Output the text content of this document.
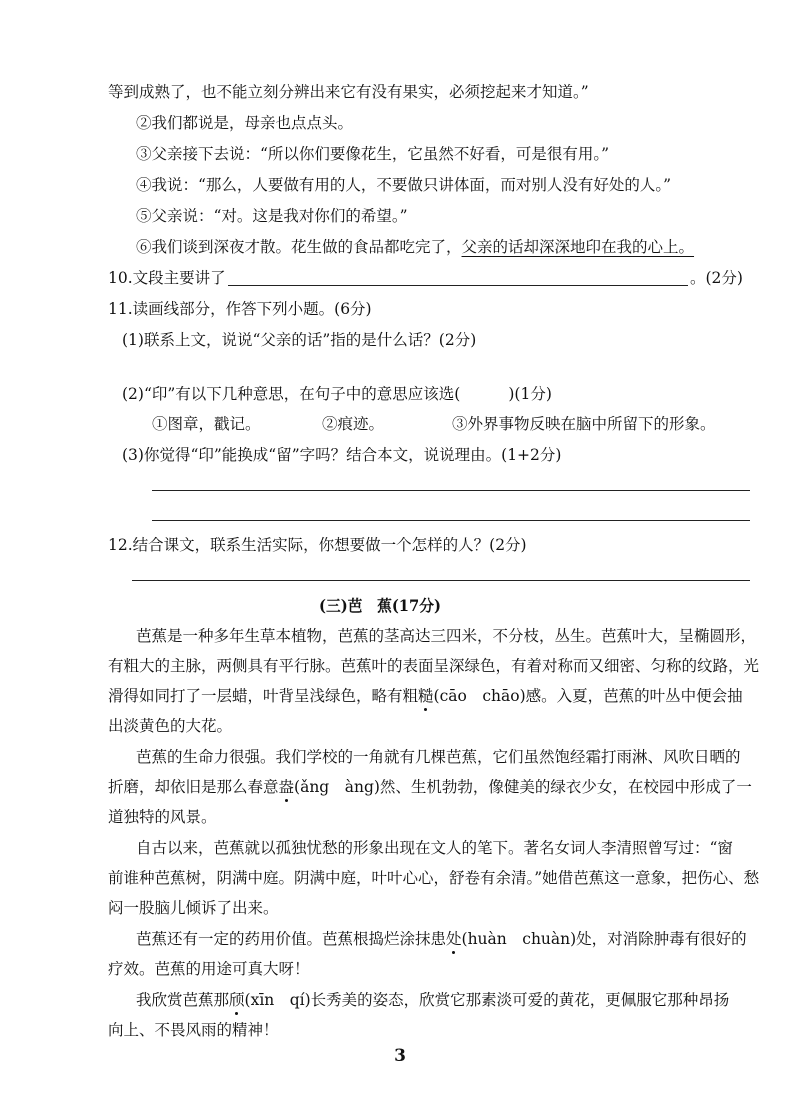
等到成熟了，也不能立刻分辨出来它有没有果实，必须挖起来才知道。”
②我们都说是，母亲也点点头。
③父亲接下去说：“所以你们要像花生，它虽然不好看，可是很有用。”
④我说：“那么，人要做有用的人，不要做只讲体面，而对别人没有好处的人。”
⑤父亲说：“对。这是我对你们的希望。”
⑥我们谈到深夜才散。花生做的食品都吃完了，父亲的话却深深地印在我的心上。
10.文段主要讲了	。(2分)
11.读画线部分，作答下列小题。(6分)
(1)联系上文，说说“父亲的话”指的是什么话？(2分)
(2)“印”有以下几种意思，在句子中的意思应该选(	)(1分)
①图章，戳记。	②痕迹。	③外界事物反映在脑中所留下的形象。
(3)你觉得“印”能换成“留”字吗？结合本文，说说理由。(1+2分)
12.结合课文，联系生活实际，你想要做一个怎样的人？(2分)
(三)芭　蕉(17分)
芭蕉是一种多年生草本植物，芭蕉的茎高达三四米，不分枝，丛生。芭蕉叶大，呈椭圆形，
有粗大的主脉，两侧具有平行脉。芭蕉叶的表面呈深绿色，有着对称而又细密、匀称的纹路，光
滑得如同打了一层蜡，叶背呈浅绿色，略有粗糙(cāo　chāo)感。入夏，芭蕉的叶丛中便会抽
出淡黄色的大花。
芭蕉的生命力很强。我们学校的一角就有几棵芭蕉，它们虽然饱经霜打雨淋、风吹日晒的
折磨，却依旧是那么春意盎(ǎng　àng)然、生机勃勃，像健美的绿衣少女，在校园中形成了一
道独特的风景。
自古以来，芭蕉就以孤独忧愁的形象出现在文人的笔下。著名女词人李清照曾写过：“窗
前谁种芭蕉树，阴满中庭。阴满中庭，叶叶心心，舒卷有余清。”她借芭蕉这一意象，把伤心、愁
闷一股脑儿倾诉了出来。
芭蕉还有一定的药用价值。芭蕉根捣烂涂抹患处(huàn　chuàn)处，对消除肿毒有很好的
疗效。芭蕉的用途可真大呀！
我欣赏芭蕉那颀(xīn　qí)长秀美的姿态，欣赏它那素淡可爱的黄花，更佩服它那种昂扬
向上、不畏风雨的精神！
3
